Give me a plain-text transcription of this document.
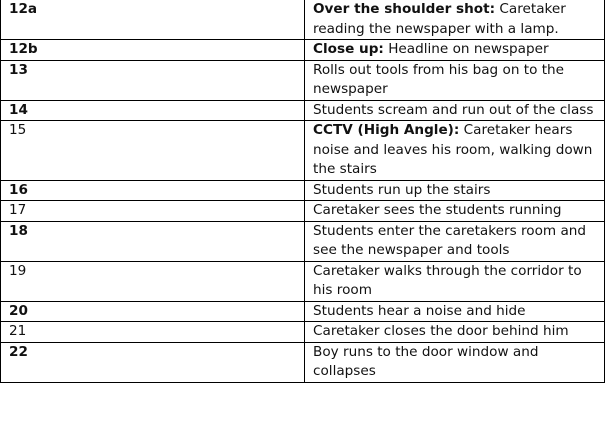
12a	Over the shoulder shot: Caretaker reading the newspaper with a lamp.
12b	Close up: Headline on newspaper
13	Rolls out tools from his bag on to the newspaper
14	Students scream and run out of the class
15	CCTV (High Angle): Caretaker hears noise and leaves his room, walking down the stairs
16	Students run up the stairs
17	Caretaker sees the students running
18	Students enter the caretakers room and see the newspaper and tools
19	Caretaker walks through the corridor to his room
20	Students hear a noise and hide
21	Caretaker closes the door behind him
22	Boy runs to the door window and collapses
